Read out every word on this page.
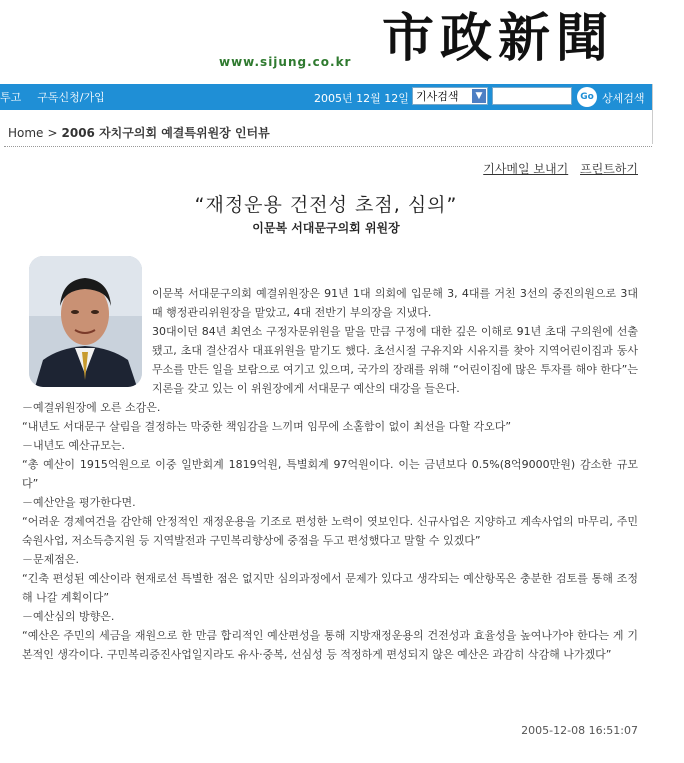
www.sijung.co.kr 市政新聞
투고 구독신청/가입	2005년 12월 12일 기사검색	▼	Go 상세검색
Home > 2006 자치구의회 예결특위원장 인터뷰
기사메일 보내기 프린트하기
“재정운용 건전성 초점, 심의”
이문복 서대문구의회 위원장

이문복 서대문구의회 예결위원장은 91년 1대 의회에 입문해 3, 4대를 거친 3선의 중진의원으로 3대 때 행정관리위원장을 맡았고, 4대 전반기 부의장을 지냈다.

30대이던 84년 최연소 구정자문위원을 맡을 만큼 구정에 대한 깊은 이해로 91년 초대 구의원에 선출됐고, 초대 결산검사 대표위원을 맡기도 했다. 초선시절 구유지와 시유지를 찾아 지역어린이집과 동사무소를 만든 일을 보람으로 여기고 있으며, 국가의 장래를 위해 “어린이집에 많은 투자를 해야 한다”는 지론을 갖고 있는 이 위원장에게 서대문구 예산의 대강을 들은다.

－예결위원장에 오른 소감은.

“내년도 서대문구 살림을 결정하는 막중한 책임감을 느끼며 임무에 소홀함이 없이 최선을 다할 각오다”

－내년도 예산규모는.

“총 예산이 1915억원으로 이중 일반회계 1819억원, 특별회계 97억원이다. 이는 금년보다 0.5%(8억9000만원) 감소한 규모다”

－예산안을 평가한다면.

“어려운 경제여건을 감안해 안정적인 재정운용을 기조로 편성한 노력이 엿보인다. 신규사업은 지양하고 계속사업의 마무리, 주민숙원사업, 저소득층지원 등 지역발전과 구민복리향상에 중점을 두고 편성했다고 말할 수 있겠다”

－문제점은.

“긴축 편성된 예산이라 현재로선 특별한 점은 없지만 심의과정에서 문제가 있다고 생각되는 예산항목은 충분한 검토를 통해 조정해 나갈 계획이다”

－예산심의 방향은.

“예산은 주민의 세금을 재원으로 한 만큼 합리적인 예산편성을 통해 지방재정운용의 건전성과 효율성을 높여나가야 한다는 게 기본적인 생각이다. 구민복리증진사업일지라도 유사·중복, 선심성 등 적정하게 편성되지 않은 예산은 과감히 삭감해 나가겠다”

2005-12-08 16:51:07
